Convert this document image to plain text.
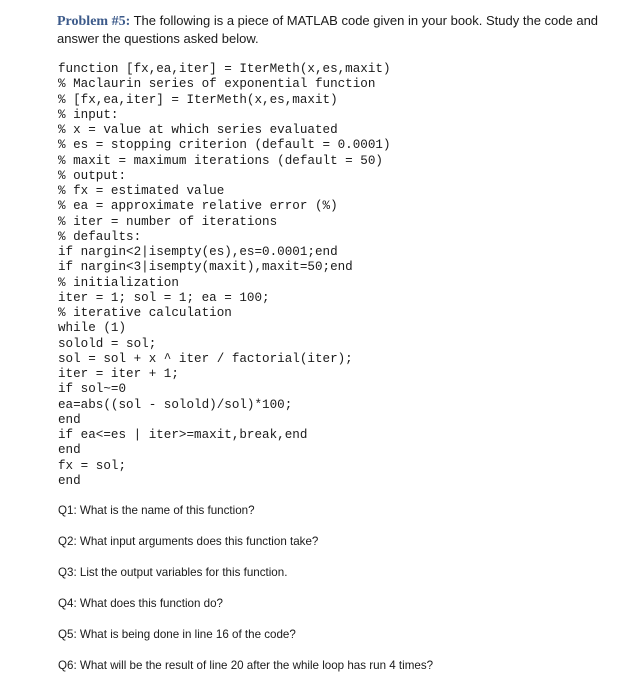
Problem #5: The following is a piece of MATLAB code given in your book. Study the code and answer the questions asked below.
function [fx,ea,iter] = IterMeth(x,es,maxit)
% Maclaurin series of exponential function
% [fx,ea,iter] = IterMeth(x,es,maxit)
% input:
% x = value at which series evaluated
% es = stopping criterion (default = 0.0001)
% maxit = maximum iterations (default = 50)
% output:
% fx = estimated value
% ea = approximate relative error (%)
% iter = number of iterations
% defaults:
if nargin<2|isempty(es),es=0.0001;end
if nargin<3|isempty(maxit),maxit=50;end
% initialization
iter = 1; sol = 1; ea = 100;
% iterative calculation
while (1)
solold = sol;
sol = sol + x ^ iter / factorial(iter);
iter = iter + 1;
if sol~=0
ea=abs((sol - solold)/sol)*100;
end
if ea<=es | iter>=maxit,break,end
end
fx = sol;
end
Q1: What is the name of this function?
Q2: What input arguments does this function take?
Q3: List the output variables for this function.
Q4: What does this function do?
Q5: What is being done in line 16 of the code?
Q6: What will be the result of line 20 after the while loop has run 4 times?
